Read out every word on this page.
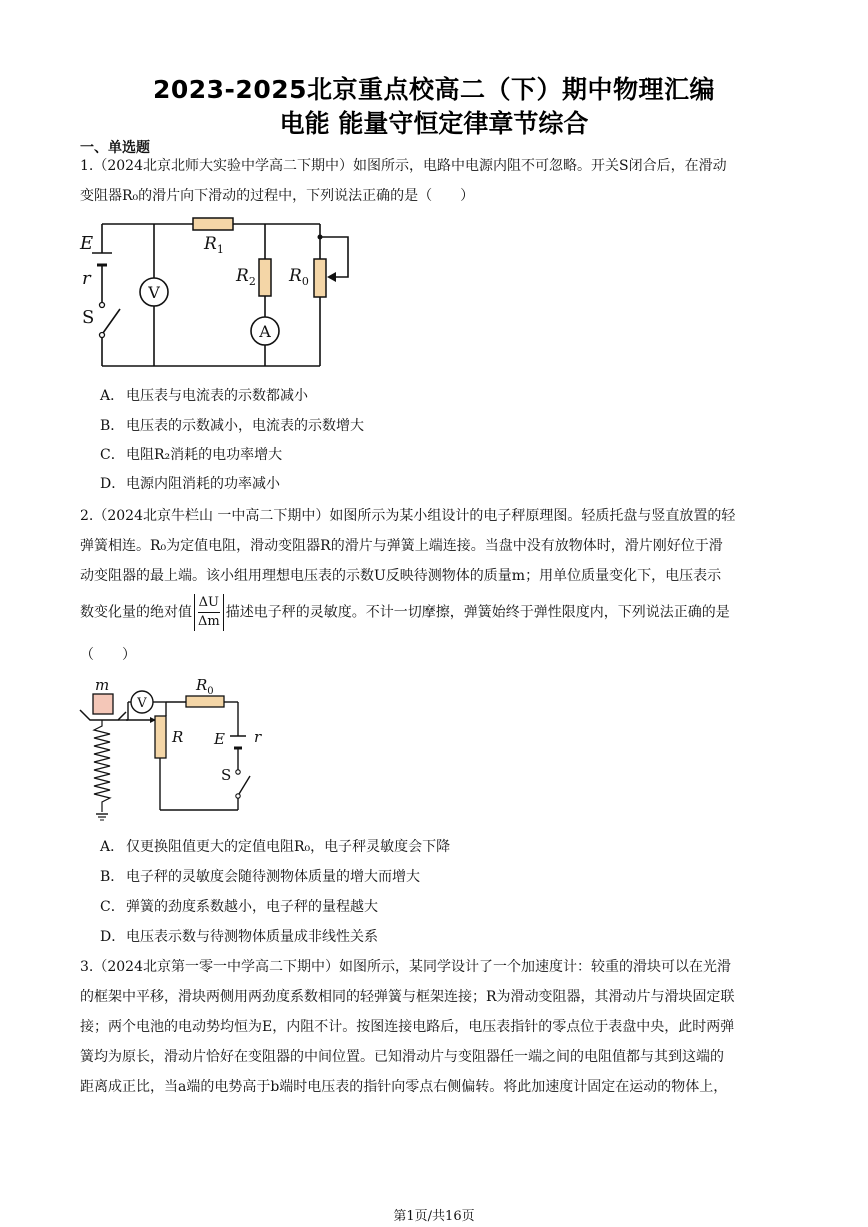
2023-2025北京重点校高二（下）期中物理汇编
电能 能量守恒定律章节综合
一、单选题
1.（2024北京北师大实验中学高二下期中）如图所示，电路中电源内阻不可忽略。开关S闭合后，在滑动
变阻器R₀的滑片向下滑动的过程中，下列说法正确的是（　　）
V
A
E
r
S
$R_1$
$R_2$ $R_0$
A． 电压表与电流表的示数都减小
B． 电压表的示数减小，电流表的示数增大
C．电阻R₂消耗的电功率增大
D．电源内阻消耗的功率减小
2.（2024北京牛栏山 一中高二下期中）如图所示为某小组设计的电子秤原理图。轻质托盘与竖直放置的轻
弹簧相连。R₀为定值电阻，滑动变阻器R的滑片与弹簧上端连接。当盘中没有放物体时，滑片刚好位于滑
动变阻器的最上端。该小组用理想电压表的示数U反映待测物体的质量m；用单位质量变化下，电压表示
数变化量的绝对值 $\frac{\Delta U}{\Delta m}$ 描述电子秤的灵敏度。不计一切摩擦，弹簧始终于弹性限度内，下列说法正确的是
（　　）
V
m	$R_0$
R E r
S
A． 仅更换阻值更大的定值电阻R₀，电子秤灵敏度会下降
B． 电子秤的灵敏度会随待测物体质量的增大而增大
C．弹簧的劲度系数越小，电子秤的量程越大
D．电压表示数与待测物体质量成非线性关系
3.（2024北京第一零一中学高二下期中）如图所示，某同学设计了一个加速度计：较重的滑块可以在光滑
的框架中平移，滑块两侧用两劲度系数相同的轻弹簧与框架连接；R为滑动变阻器，其滑动片与滑块固定联
接；两个电池的电动势均恒为E，内阻不计。按图连接电路后，电压表指针的零点位于表盘中央，此时两弹
簧均为原长，滑动片恰好在变阻器的中间位置。已知滑动片与变阻器任一端之间的电阻值都与其到这端的
距离成正比，当a端的电势高于b端时电压表的指针向零点右侧偏转。将此加速度计固定在运动的物体上，
第1页/共16页
